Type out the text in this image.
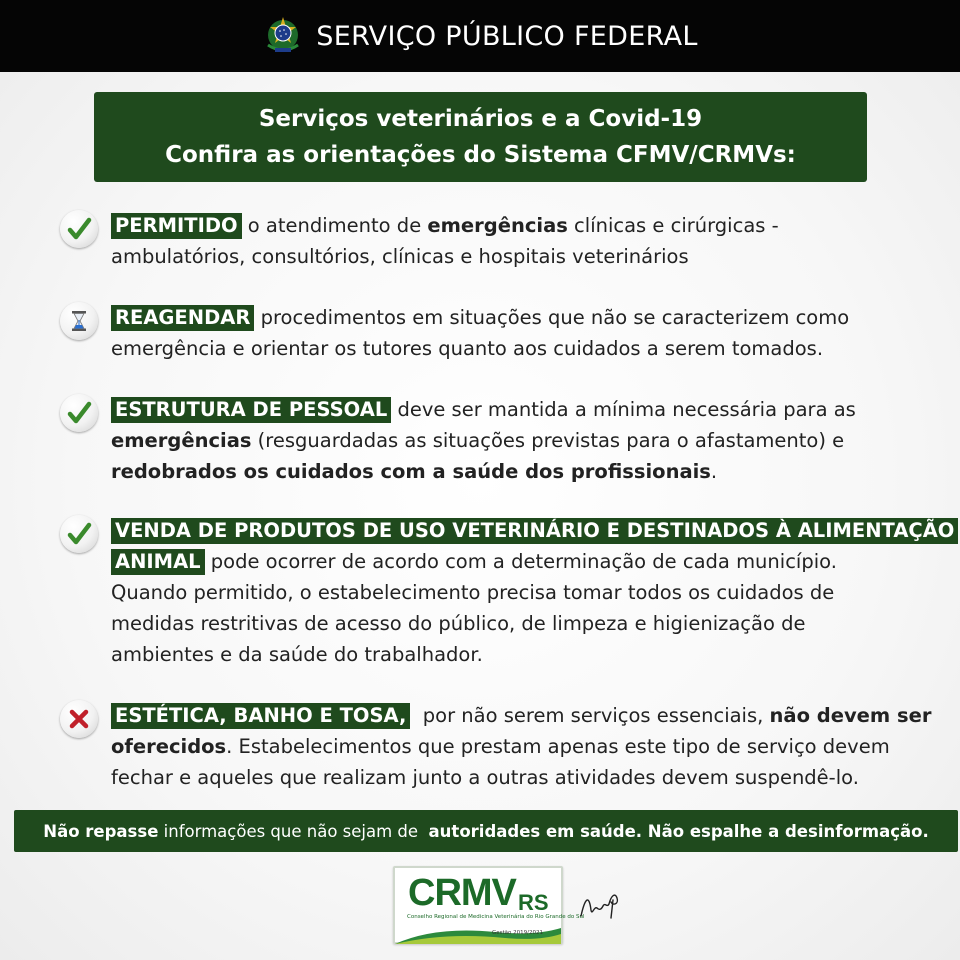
SERVIÇO PÚBLICO FEDERAL
Serviços veterinários e a Covid-19
Confira as orientações do Sistema CFMV/CRMVs:
PERMITIDO o atendimento de emergências clínicas e cirúrgicas -
ambulatórios, consultórios, clínicas e hospitais veterinários
REAGENDAR procedimentos em situações que não se caracterizem como
emergência e orientar os tutores quanto aos cuidados a serem tomados.
ESTRUTURA DE PESSOAL deve ser mantida a mínima necessária para as
emergências (resguardadas as situações previstas para o afastamento) e
redobrados os cuidados com a saúde dos profissionais.
VENDA DE PRODUTOS DE USO VETERINÁRIO E DESTINADOS À ALIMENTAÇÃO
ANIMAL pode ocorrer de acordo com a determinação de cada município.
Quando permitido, o estabelecimento precisa tomar todos os cuidados de
medidas restritivas de acesso do público, de limpeza e higienização de
ambientes e da saúde do trabalhador.
ESTÉTICA, BANHO E TOSA,  por não serem serviços essenciais, não devem ser
oferecidos. Estabelecimentos que prestam apenas este tipo de serviço devem
fechar e aqueles que realizam junto a outras atividades devem suspendê-lo.
Não repasse informações que não sejam de autoridades em saúde. Não espalhe a desinformação.
CRMV RS
Conselho Regional de Medicina Veterinária do Rio Grande do Sul
Gestão 2019/2021
